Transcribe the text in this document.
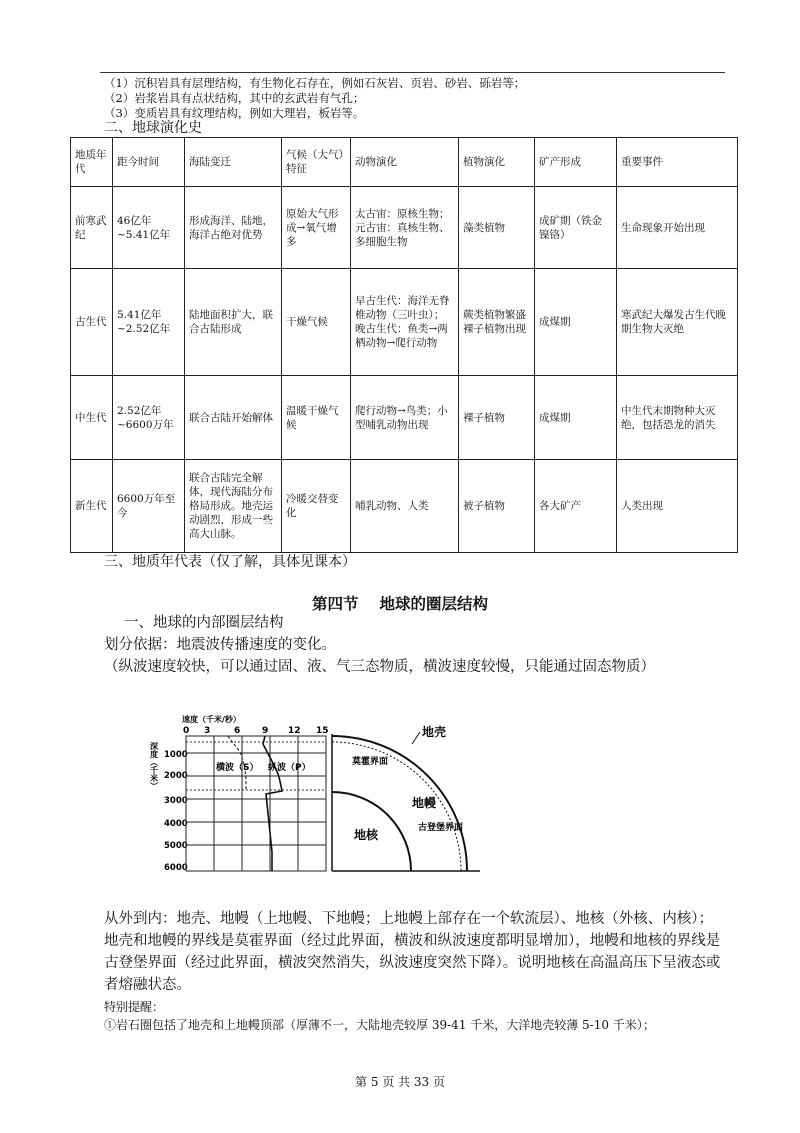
（1）沉积岩具有层理结构，有生物化石存在，例如石灰岩、页岩、砂岩、砾岩等；
（2）岩浆岩具有点状结构，其中的玄武岩有气孔；
（3）变质岩具有纹理结构，例如大理岩，板岩等。
二、地球演化史
地质年代	距今时间	海陆变迁	气候（大气）特征	动物演化	植物演化	矿产形成	重要事件
前寒武纪	46亿年~5.41亿年	形成海洋、陆地，海洋占绝对优势	原始大气形成→氧气增多	太古宙：原核生物；元古宙：真核生物、多细胞生物	藻类植物	成矿期（铁金镍铬）	生命现象开始出现
古生代	5.41亿年~2.52亿年	陆地面积扩大，联合古陆形成	干燥气候	早古生代：海洋无脊椎动物（三叶虫）；晚古生代：鱼类→两栖动物→爬行动物	蕨类植物繁盛裸子植物出现	成煤期	寒武纪大爆发古生代晚期生物大灭绝
中生代	2.52亿年~6600万年	联合古陆开始解体	温暖干燥气候	爬行动物→鸟类；小型哺乳动物出现	裸子植物	成煤期	中生代末期物种大灭绝，包括恐龙的消失
新生代	6600万年至今	联合古陆完全解体，现代海陆分布格局形成。地壳运动剧烈，形成一些高大山脉。	冷暖交替变化	哺乳动物、人类	被子植物	各大矿产	人类出现
三、地质年代表（仅了解，具体见课本）
第四节　 地球的圈层结构
一、地球的内部圈层结构
划分依据：地震波传播速度的变化。
（纵波速度较快，可以通过固、液、气三态物质，横波速度较慢，只能通过固态物质）
速度（千米/秒）
0 3	6 9 12 15
深度（千米） 1000
2000
3000
4000
5000
6000
横波（S） 纵波（P）
地壳
莫霍界面
地幔
地核	古登堡界面
从外到内：地壳、地幔（上地幔、下地幔；上地幔上部存在一个软流层）、地核（外核、内核）；
地壳和地幔的界线是莫霍界面（经过此界面，横波和纵波速度都明显增加），地幔和地核的界线是古登堡界面（经过此界面，横波突然消失，纵波速度突然下降）。说明地核在高温高压下呈液态或者熔融状态。
特别提醒：
①岩石圈包括了地壳和上地幔顶部（厚薄不一，大陆地壳较厚 39-41 千米，大洋地壳较薄 5-10 千米）；
第 5 页 共 33 页
